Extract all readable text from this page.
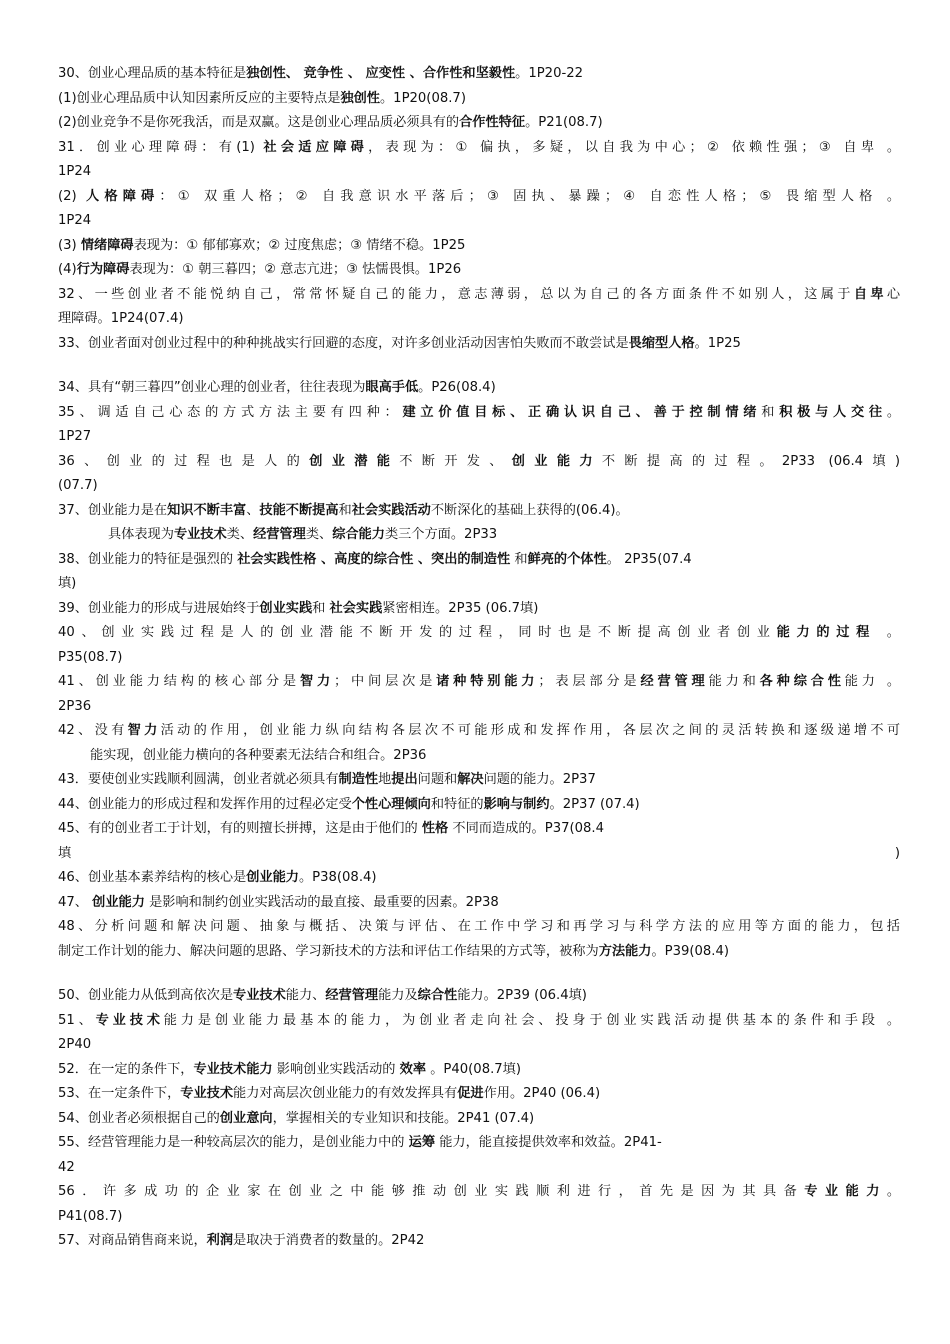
30、创业心理品质的基本特征是独创性、 竞争性 、 应变性 、合作性和坚毅性。1P20-22
(1)创业心理品质中认知因素所反应的主要特点是独创性。1P20(08.7)
(2)创业竞争不是你死我活，而是双赢。这是创业心理品质必须具有的合作性特征。P21(08.7)
31．创业心理障碍：有(1) 社会适应障碍，表现为：① 偏执，多疑，以自我为中心；② 依赖性强；③ 自卑 。
1P24
(2) 人格障碍：① 双重人格；② 自我意识水平落后；③ 固执、暴躁；④ 自恋性人格；⑤ 畏缩型人格 。
1P24
(3) 情绪障碍表现为：① 郁郁寡欢；② 过度焦虑；③ 情绪不稳。1P25
(4)行为障碍表现为：① 朝三暮四；② 意志亢进；③ 怯懦畏惧。1P26
32、一些创业者不能悦纳自己，常常怀疑自己的能力，意志薄弱，总以为自己的各方面条件不如别人，这属于自卑心
理障碍。1P24(07.4)
33、创业者面对创业过程中的种种挑战实行回避的态度，对许多创业活动因害怕失败而不敢尝试是畏缩型人格。1P25
34、具有“朝三暮四”创业心理的创业者，往往表现为眼高手低。P26(08.4)
35、调适自己心态的方式方法主要有四种：建立价值目标、正确认识自己、善于控制情绪和积极与人交往。
1P27
36、创业的过程也是人的创业潜能不断开发、创业能力不断提高的过程。2P33 (06.4填)
(07.7)
37、创业能力是在知识不断丰富、技能不断提高和社会实践活动不断深化的基础上获得的(06.4)。
具体表现为专业技术类、经营管理类、综合能力类三个方面。2P33
38、创业能力的特征是强烈的 社会实践性格 、高度的综合性 、突出的制造性 和鲜亮的个体性。 2P35(07.4
填)
39、创业能力的形成与进展始终于创业实践和 社会实践紧密相连。2P35 (06.7填)
40、创业实践过程是人的创业潜能不断开发的过程，同时也是不断提高创业者创业能力的过程 。
P35(08.7)
41、创业能力结构的核心部分是智力；中间层次是诸种特别能力；表层部分是经营管理能力和各种综合性能力 。
2P36
42、没有智力活动的作用，创业能力纵向结构各层次不可能形成和发挥作用，各层次之间的灵活转换和逐级递增不可
能实现，创业能力横向的各种要素无法结合和组合。2P36
43．要使创业实践顺利圆满，创业者就必须具有制造性地提出问题和解决问题的能力。2P37
44、创业能力的形成过程和发挥作用的过程必定受个性心理倾向和特征的影响与制约。2P37 (07.4)
45、有的创业者工于计划，有的则擅长拼搏，这是由于他们的 性格 不同而造成的。P37(08.4
填)
46、创业基本素养结构的核心是创业能力。P38(08.4)
47、 创业能力 是影响和制约创业实践活动的最直接、最重要的因素。2P38
48、分析问题和解决问题、抽象与概括、决策与评估、在工作中学习和再学习与科学方法的应用等方面的能力，包括
制定工作计划的能力、解决问题的思路、学习新技术的方法和评估工作结果的方式等，被称为方法能力。P39(08.4)
50、创业能力从低到高依次是专业技术能力、经营管理能力及综合性能力。2P39 (06.4填)
51、专业技术能力是创业能力最基本的能力，为创业者走向社会、投身于创业实践活动提供基本的条件和手段 。
2P40
52．在一定的条件下，专业技术能力 影响创业实践活动的 效率 。P40(08.7填)
53、在一定条件下，专业技术能力对高层次创业能力的有效发挥具有促进作用。2P40 (06.4)
54、创业者必须根据自己的创业意向，掌握相关的专业知识和技能。2P41 (07.4)
55、经营管理能力是一种较高层次的能力，是创业能力中的 运筹 能力，能直接提供效率和效益。2P41-
42
56．许多成功的企业家在创业之中能够推动创业实践顺利进行，首先是因为其具备专业能力。
P41(08.7)
57、对商品销售商来说，利润是取决于消费者的数量的。2P42
